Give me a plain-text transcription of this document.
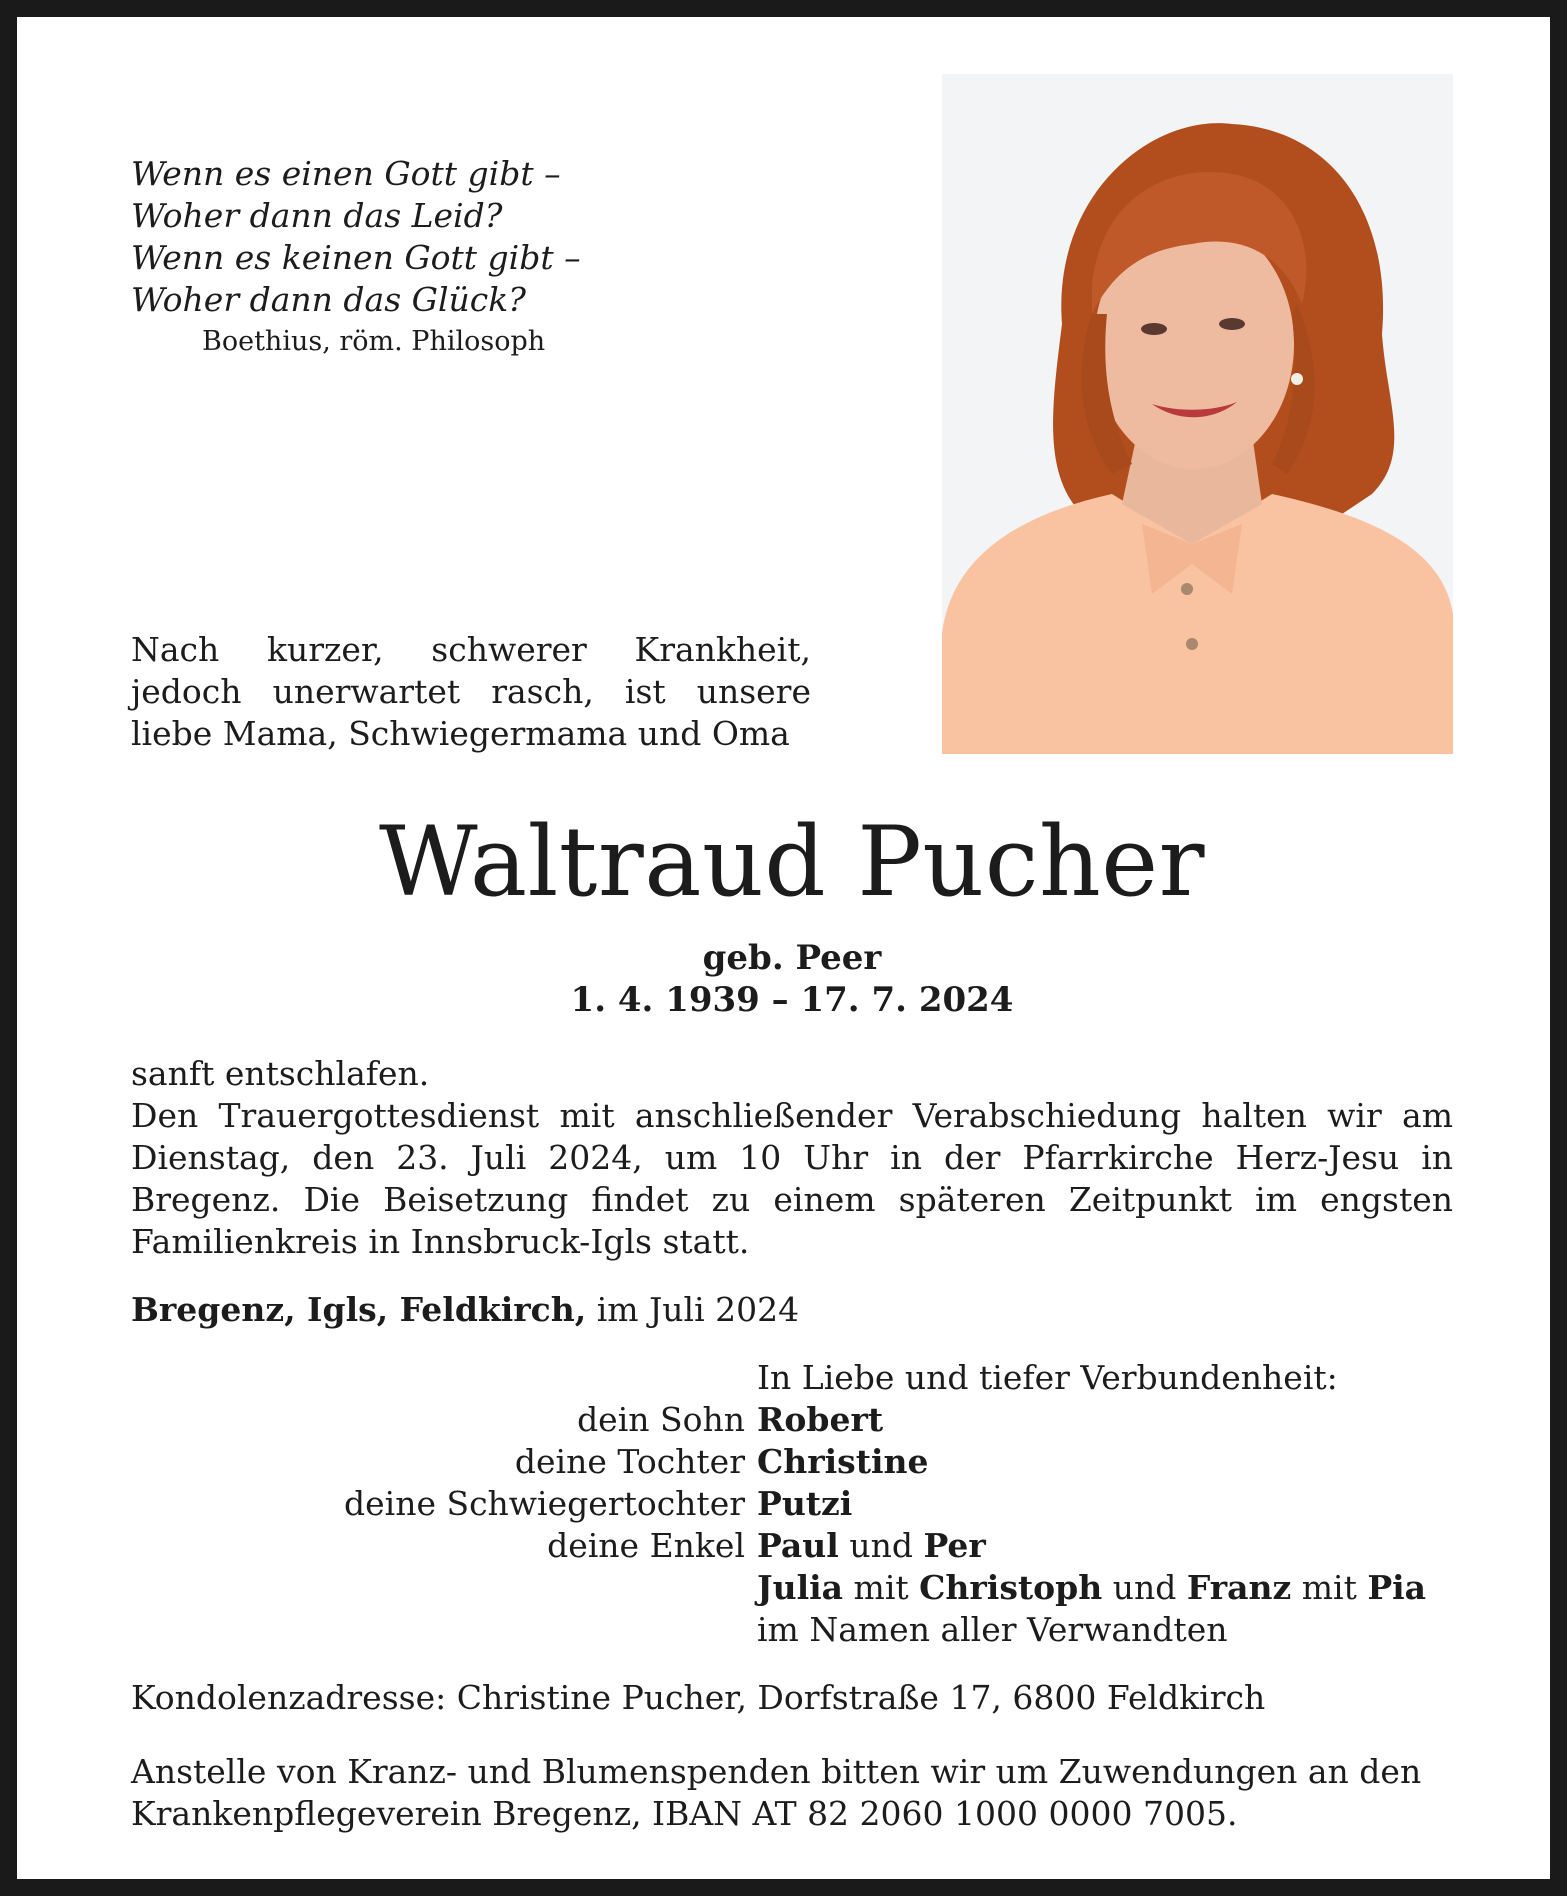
Wenn es einen Gott gibt –
Woher dann das Leid?
Wenn es keinen Gott gibt –
Woher dann das Glück?
Boethius, röm. Philosoph
Nach kurzer, schwerer Krankheit, jedoch unerwartet rasch, ist unsere liebe Mama, Schwiegermama und Oma
Waltraud Pucher
geb. Peer
1. 4. 1939 – 17. 7. 2024
sanft entschlafen.
Den Trauergottesdienst mit anschließender Verabschiedung halten wir am Dienstag, den 23. Juli 2024, um 10 Uhr in der Pfarrkirche Herz-Jesu in Bregenz. Die Beisetzung findet zu einem späteren Zeitpunkt im engsten Familienkreis in Innsbruck-Igls statt.
Bregenz, Igls, Feldkirch, im Juli 2024
In Liebe und tiefer Verbundenheit:
dein Sohn Robert
deine Tochter Christine
deine Schwiegertochter Putzi
deine Enkel Paul und Per
Julia mit Christoph und Franz mit Pia
im Namen aller Verwandten
Kondolenzadresse: Christine Pucher, Dorfstraße 17, 6800 Feldkirch
Anstelle von Kranz- und Blumenspenden bitten wir um Zuwendungen an den
Krankenpflegeverein Bregenz, IBAN AT 82 2060 1000 0000 7005.
